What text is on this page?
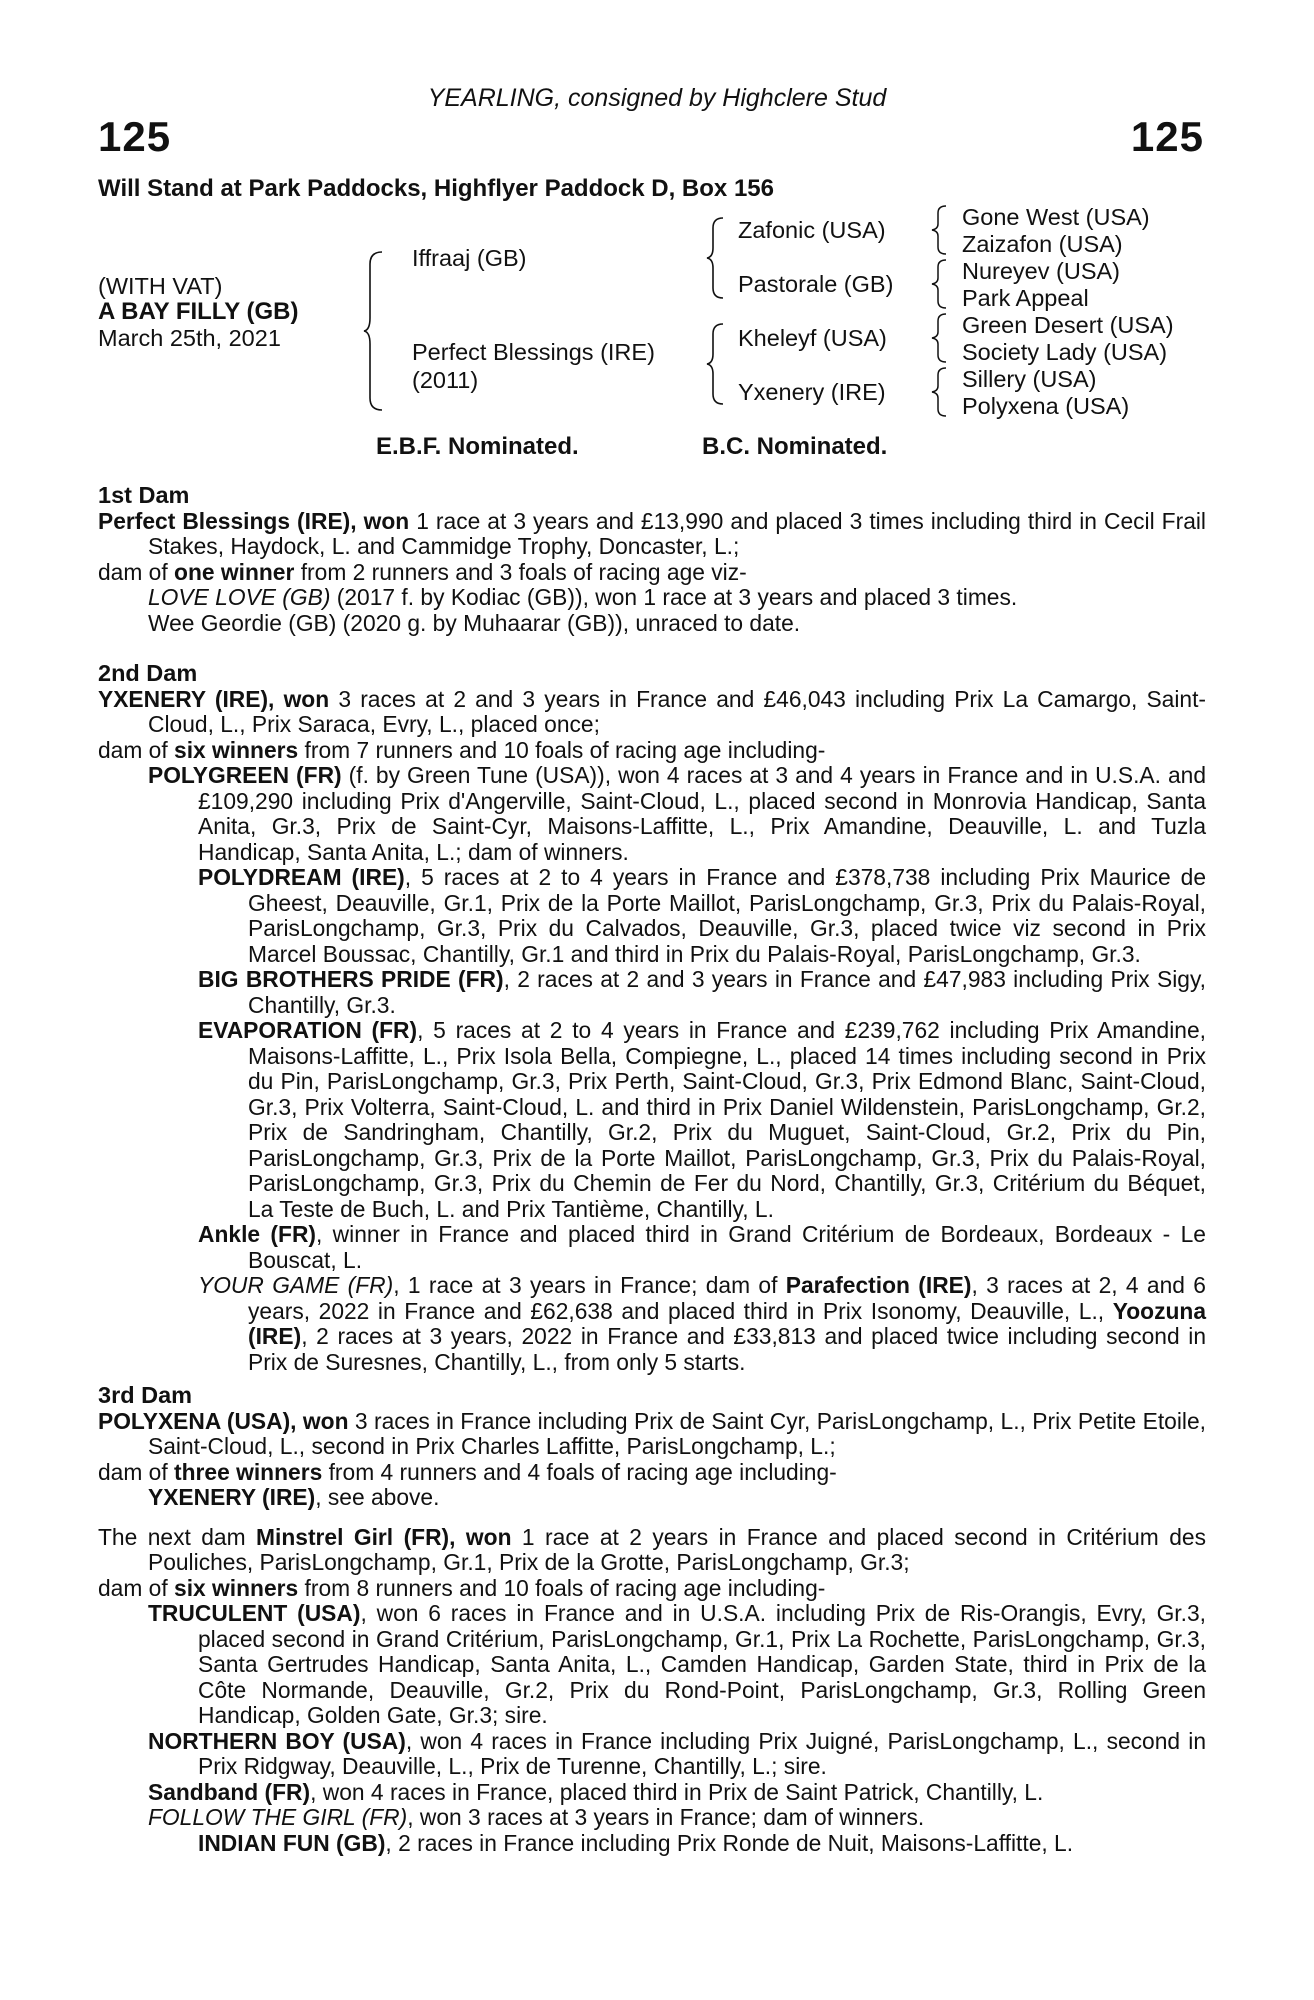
YEARLING, consigned by Highclere Stud
125	125
Will Stand at Park Paddocks, Highflyer Paddock D, Box 156
(WITH VAT)
A BAY FILLY (GB)
March 25th, 2021
Iffraaj (GB)
Perfect Blessings (IRE)
(2011)
Zafonic (USA)
Pastorale (GB)
Kheleyf (USA)
Yxenery (IRE)
Gone West (USA)
Zaizafon (USA)
Nureyev (USA)
Park Appeal
Green Desert (USA)
Society Lady (USA)
Sillery (USA)
Polyxena (USA)
E.B.F. Nominated.	B.C. Nominated.

1st Dam

Perfect Blessings (IRE), won 1 race at 3 years and £13,990 and placed 3 times including third in Cecil Frail Stakes, Haydock, L. and Cammidge Trophy, Doncaster, L.;

dam of one winner from 2 runners and 3 foals of racing age viz-

LOVE LOVE (GB) (2017 f. by Kodiac (GB)), won 1 race at 3 years and placed 3 times.

Wee Geordie (GB) (2020 g. by Muhaarar (GB)), unraced to date.

2nd Dam

YXENERY (IRE), won 3 races at 2 and 3 years in France and £46,043 including Prix La Camargo, Saint-Cloud, L., Prix Saraca, Evry, L., placed once;

dam of six winners from 7 runners and 10 foals of racing age including-

POLYGREEN (FR) (f. by Green Tune (USA)), won 4 races at 3 and 4 years in France and in U.S.A. and £109,290 including Prix d'Angerville, Saint-Cloud, L., placed second in Monrovia Handicap, Santa Anita, Gr.3, Prix de Saint-Cyr, Maisons-Laffitte, L., Prix Amandine, Deauville, L. and Tuzla Handicap, Santa Anita, L.; dam of winners.

POLYDREAM (IRE), 5 races at 2 to 4 years in France and £378,738 including Prix Maurice de Gheest, Deauville, Gr.1, Prix de la Porte Maillot, ParisLongchamp, Gr.3, Prix du Palais-Royal, ParisLongchamp, Gr.3, Prix du Calvados, Deauville, Gr.3, placed twice viz second in Prix Marcel Boussac, Chantilly, Gr.1 and third in Prix du Palais-Royal, ParisLongchamp, Gr.3.

BIG BROTHERS PRIDE (FR), 2 races at 2 and 3 years in France and £47,983 including Prix Sigy, Chantilly, Gr.3.

EVAPORATION (FR), 5 races at 2 to 4 years in France and £239,762 including Prix Amandine, Maisons-Laffitte, L., Prix Isola Bella, Compiegne, L., placed 14 times including second in Prix du Pin, ParisLongchamp, Gr.3, Prix Perth, Saint-Cloud, Gr.3, Prix Edmond Blanc, Saint-Cloud, Gr.3, Prix Volterra, Saint-Cloud, L. and third in Prix Daniel Wildenstein, ParisLongchamp, Gr.2, Prix de Sandringham, Chantilly, Gr.2, Prix du Muguet, Saint-Cloud, Gr.2, Prix du Pin, ParisLongchamp, Gr.3, Prix de la Porte Maillot, ParisLongchamp, Gr.3, Prix du Palais-Royal, ParisLongchamp, Gr.3, Prix du Chemin de Fer du Nord, Chantilly, Gr.3, Critérium du Béquet, La Teste de Buch, L. and Prix Tantième, Chantilly, L.

Ankle (FR), winner in France and placed third in Grand Critérium de Bordeaux, Bordeaux - Le Bouscat, L.

YOUR GAME (FR), 1 race at 3 years in France; dam of Parafection (IRE), 3 races at 2, 4 and 6 years, 2022 in France and £62,638 and placed third in Prix Isonomy, Deauville, L., Yoozuna (IRE), 2 races at 3 years, 2022 in France and £33,813 and placed twice including second in Prix de Suresnes, Chantilly, L., from only 5 starts.

3rd Dam

POLYXENA (USA), won 3 races in France including Prix de Saint Cyr, ParisLongchamp, L., Prix Petite Etoile, Saint-Cloud, L., second in Prix Charles Laffitte, ParisLongchamp, L.;

dam of three winners from 4 runners and 4 foals of racing age including-

YXENERY (IRE), see above.

The next dam Minstrel Girl (FR), won 1 race at 2 years in France and placed second in Critérium des Pouliches, ParisLongchamp, Gr.1, Prix de la Grotte, ParisLongchamp, Gr.3;

dam of six winners from 8 runners and 10 foals of racing age including-

TRUCULENT (USA), won 6 races in France and in U.S.A. including Prix de Ris-Orangis, Evry, Gr.3, placed second in Grand Critérium, ParisLongchamp, Gr.1, Prix La Rochette, ParisLongchamp, Gr.3, Santa Gertrudes Handicap, Santa Anita, L., Camden Handicap, Garden State, third in Prix de la Côte Normande, Deauville, Gr.2, Prix du Rond-Point, ParisLongchamp, Gr.3, Rolling Green Handicap, Golden Gate, Gr.3; sire.

NORTHERN BOY (USA), won 4 races in France including Prix Juigné, ParisLongchamp, L., second in Prix Ridgway, Deauville, L., Prix de Turenne, Chantilly, L.; sire.

Sandband (FR), won 4 races in France, placed third in Prix de Saint Patrick, Chantilly, L.

FOLLOW THE GIRL (FR), won 3 races at 3 years in France; dam of winners.

INDIAN FUN (GB), 2 races in France including Prix Ronde de Nuit, Maisons-Laffitte, L.
